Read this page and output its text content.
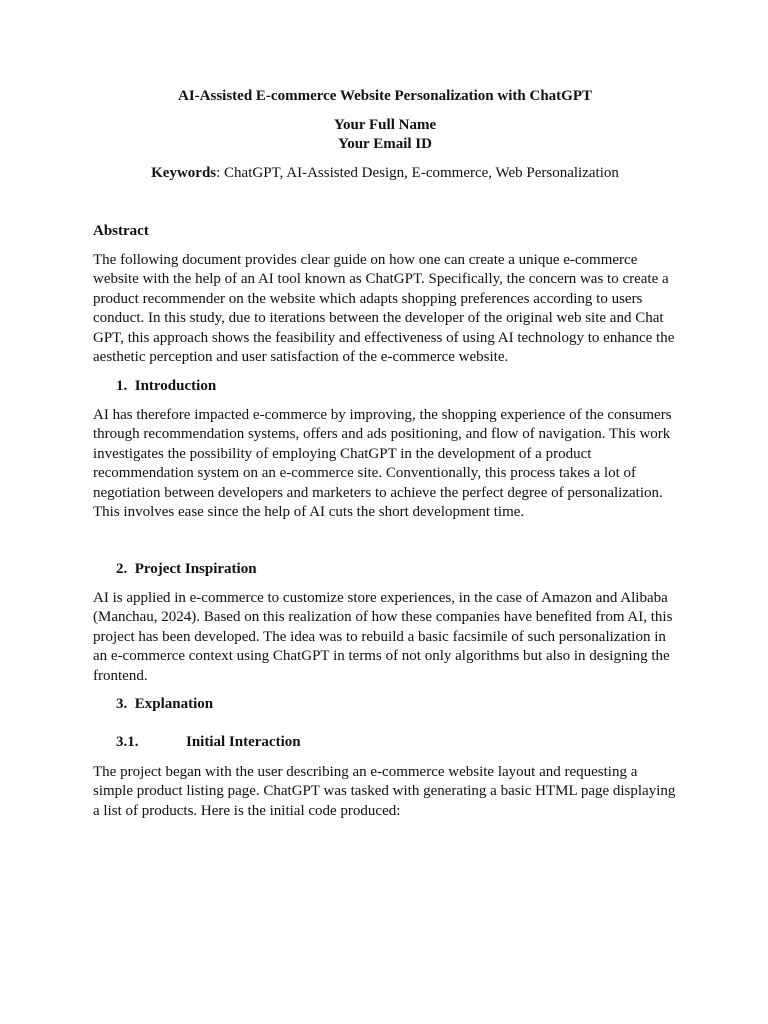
AI-Assisted E-commerce Website Personalization with ChatGPT
Your Full Name
Your Email ID
Keywords: ChatGPT, AI-Assisted Design, E-commerce, Web Personalization
Abstract
The following document provides clear guide on how one can create a unique e-commerce website with the help of an AI tool known as ChatGPT. Specifically, the concern was to create a product recommender on the website which adapts shopping preferences according to users conduct. In this study, due to iterations between the developer of the original web site and Chat GPT, this approach shows the feasibility and effectiveness of using AI technology to enhance the aesthetic perception and user satisfaction of the e-commerce website.
1. Introduction
AI has therefore impacted e-commerce by improving, the shopping experience of the consumers through recommendation systems, offers and ads positioning, and flow of navigation. This work investigates the possibility of employing ChatGPT in the development of a product recommendation system on an e-commerce site. Conventionally, this process takes a lot of negotiation between developers and marketers to achieve the perfect degree of personalization. This involves ease since the help of AI cuts the short development time.
2. Project Inspiration
AI is applied in e-commerce to customize store experiences, in the case of Amazon and Alibaba (Manchau, 2024). Based on this realization of how these companies have benefited from AI, this project has been developed. The idea was to rebuild a basic facsimile of such personalization in an e-commerce context using ChatGPT in terms of not only algorithms but also in designing the frontend.
3. Explanation
3.1.	Initial Interaction
The project began with the user describing an e-commerce website layout and requesting a simple product listing page. ChatGPT was tasked with generating a basic HTML page displaying a list of products. Here is the initial code produced:
